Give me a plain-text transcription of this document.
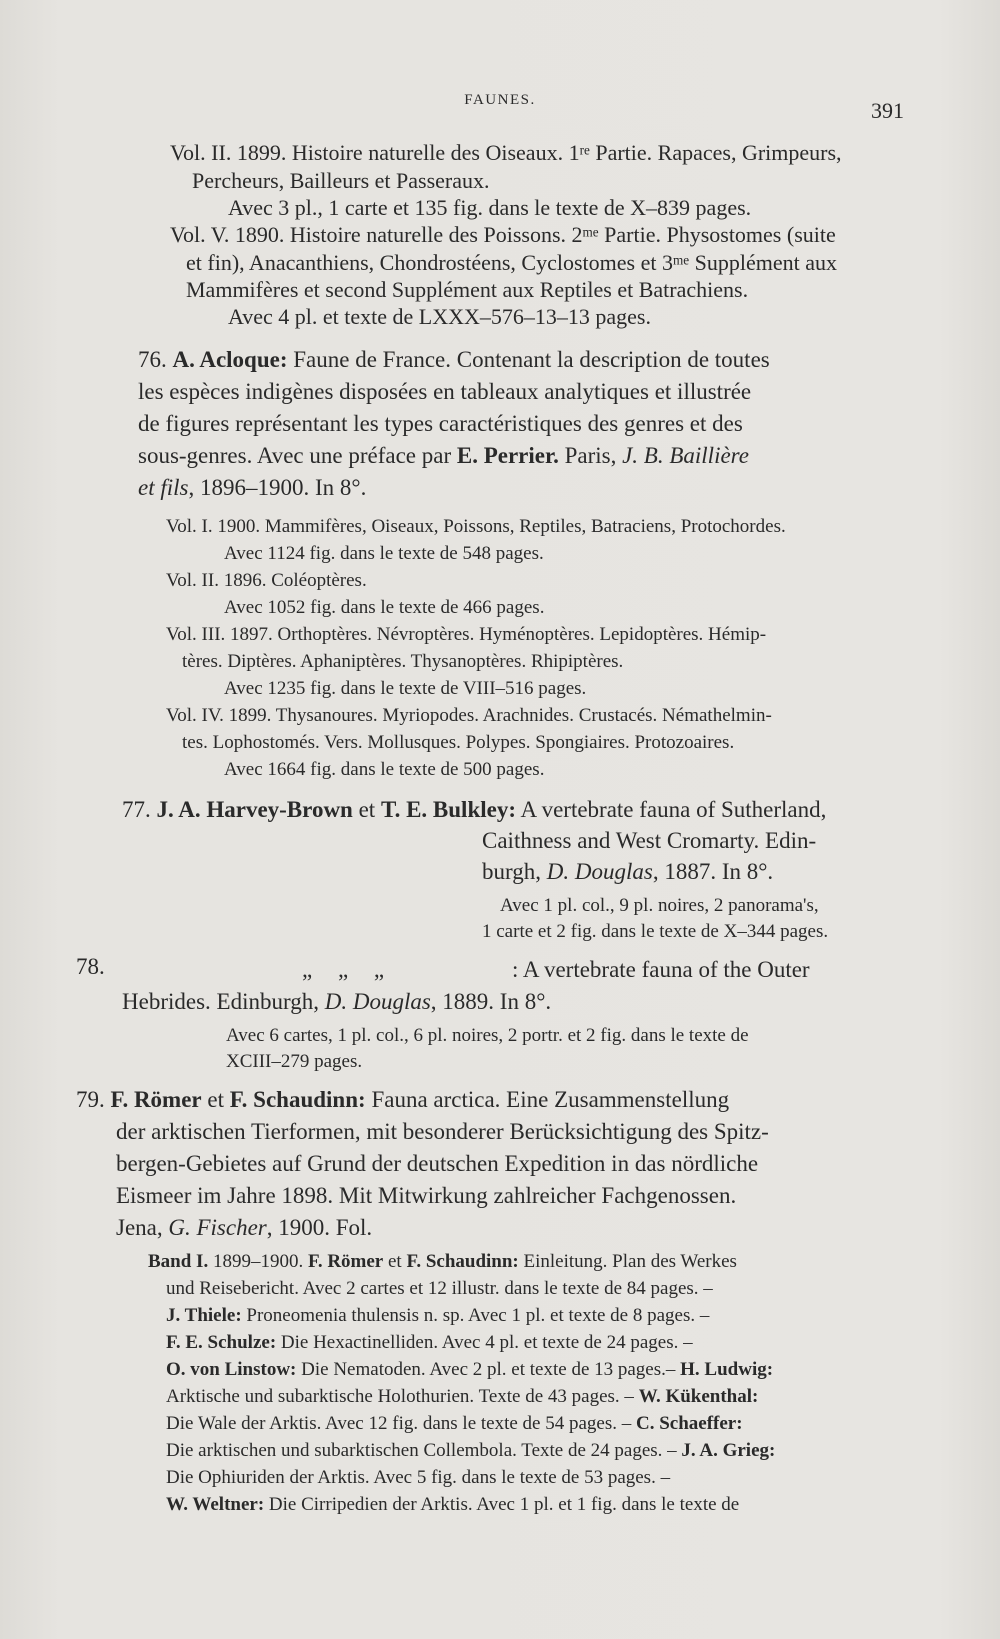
FAUNES.	391
Vol. II. 1899. Histoire naturelle des Oiseaux. 1re Partie. Rapaces, Grimpeurs,
Percheurs, Bailleurs et Passeraux.
Avec 3 pl., 1 carte et 135 fig. dans le texte de X–839 pages.
Vol. V. 1890. Histoire naturelle des Poissons. $2^{me}$ Partie. Physostomes (suite
et fin), Anacanthiens, Chondrostéens, Cyclostomes et $3^{me}$ Supplément aux
Mammifères et second Supplément aux Reptiles et Batrachiens.
Avec 4 pl. et texte de LXXX–576–13–13 pages.
76. A. Acloque: Faune de France. Contenant la description de toutes
les espèces indigènes disposées en tableaux analytiques et illustrée
de figures représentant les types caractéristiques des genres et des
sous-genres. Avec une préface par E. Perrier. Paris, J. B. Baillière
et fils, 1896–1900. In 8°.
Vol. I. 1900. Mammifères, Oiseaux, Poissons, Reptiles, Batraciens, Protochordes.
Avec 1124 fig. dans le texte de 548 pages.
Vol. II. 1896. Coléoptères.
Avec 1052 fig. dans le texte de 466 pages.
Vol. III. 1897. Orthoptères. Névroptères. Hyménoptères. Lepidoptères. Hémip-
tères. Diptères. Aphaniptères. Thysanoptères. Rhipiptères.
Avec 1235 fig. dans le texte de VIII–516 pages.
Vol. IV. 1899. Thysanoures. Myriopodes. Arachnides. Crustacés. Némathelmin-
tes. Lophostomés. Vers. Mollusques. Polypes. Spongiaires. Protozoaires.
Avec 1664 fig. dans le texte de 500 pages.
77. J. A. Harvey-Brown et T. E. Bulkley: A vertebrate fauna of Sutherland,
Caithness and West Cromarty. Edin-
burgh, D. Douglas, 1887. In 8°.
Avec 1 pl. col., 9 pl. noires, 2 panorama's,
1 carte et 2 fig. dans le texte de X–344 pages.
78.	„ „ „	: A vertebrate fauna of the Outer
Hebrides. Edinburgh, D. Douglas, 1889. In 8°.
Avec 6 cartes, 1 pl. col., 6 pl. noires, 2 portr. et 2 fig. dans le texte de
XCIII–279 pages.
79. F. Römer et F. Schaudinn: Fauna arctica. Eine Zusammenstellung
der arktischen Tierformen, mit besonderer Berücksichtigung des Spitz-
bergen-Gebietes auf Grund der deutschen Expedition in das nördliche
Eismeer im Jahre 1898. Mit Mitwirkung zahlreicher Fachgenossen.
Jena, G. Fischer, 1900. Fol.
Band I. 1899–1900. F. Römer et F. Schaudinn: Einleitung. Plan des Werkes
und Reisebericht. Avec 2 cartes et 12 illustr. dans le texte de 84 pages. –
J. Thiele: Proneomenia thulensis n. sp. Avec 1 pl. et texte de 8 pages. –
F. E. Schulze: Die Hexactinelliden. Avec 4 pl. et texte de 24 pages. –
O. von Linstow: Die Nematoden. Avec 2 pl. et texte de 13 pages.– H. Ludwig:
Arktische und subarktische Holothurien. Texte de 43 pages. – W. Kükenthal:
Die Wale der Arktis. Avec 12 fig. dans le texte de 54 pages. – C. Schaeffer:
Die arktischen und subarktischen Collembola. Texte de 24 pages. – J. A. Grieg:
Die Ophiuriden der Arktis. Avec 5 fig. dans le texte de 53 pages. –
W. Weltner: Die Cirripedien der Arktis. Avec 1 pl. et 1 fig. dans le texte de
